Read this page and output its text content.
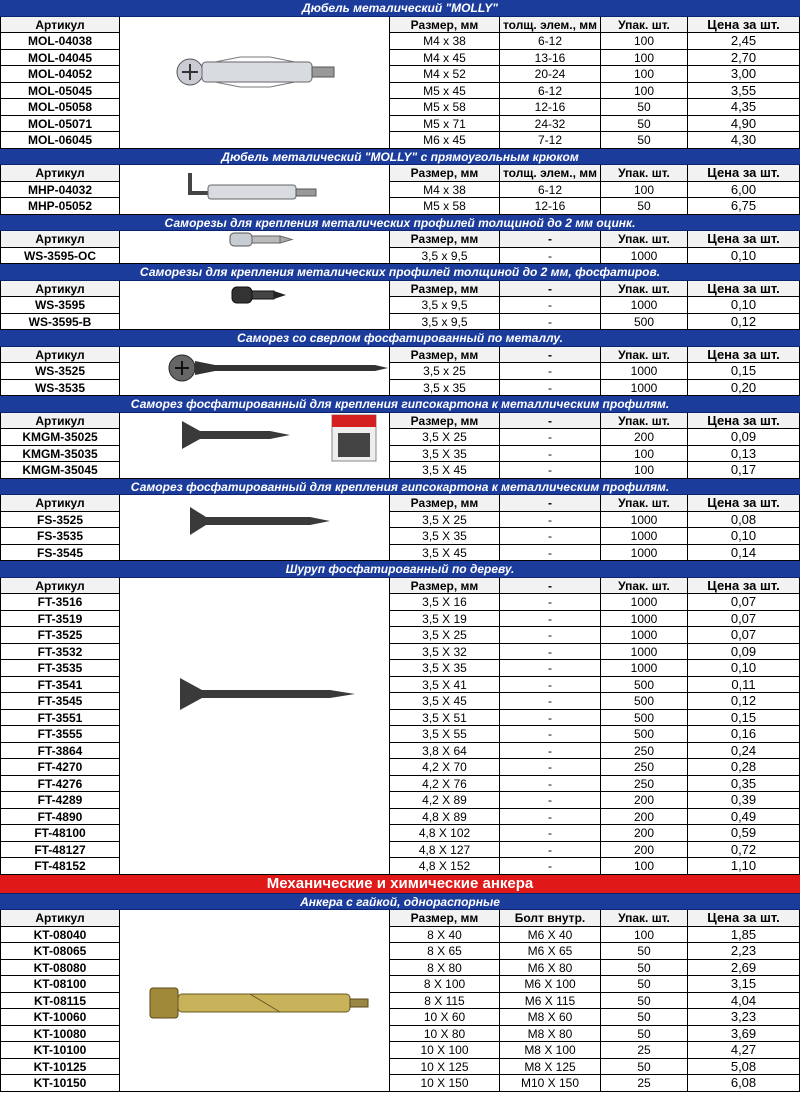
Дюбель металический "MOLLY"
Артикул	Размер, мм	толщ. элем., мм	Упак. шт.	Цена за шт.
MOL-04038	M4 x 38	6-12	100	2,45
MOL-04045	M4 x 45	13-16	100	2,70
MOL-04052	M4 x 52	20-24	100	3,00
MOL-05045	M5 x 45	6-12	100	3,55
MOL-05058	M5 x 58	12-16	50	4,35
MOL-05071	M5 x 71	24-32	50	4,90
MOL-06045	M6 x 45	7-12	50	4,30
Дюбель металический "MOLLY" с прямоугольным крюком
Артикул	Размер, мм	толщ. элем., мм	Упак. шт.	Цена за шт.
MHP-04032	M4 x 38	6-12	100	6,00
MHP-05052	M5 x 58	12-16	50	6,75
Саморезы для крепления металических профилей толщиной до 2 мм оцинк.
Артикул	Размер, мм	-	Упак. шт.	Цена за шт.
WS-3595-OC	3,5 x 9,5	-	1000	0,10
Саморезы для крепления металических профилей толщиной до 2 мм, фосфатиров.
Артикул	Размер, мм	-	Упак. шт.	Цена за шт.
WS-3595	3,5 x 9,5	-	1000	0,10
WS-3595-B	3,5 x 9,5	-	500	0,12
Саморез со сверлом фосфатированный по металлу.
Артикул	Размер, мм	-	Упак. шт.	Цена за шт.
WS-3525	3,5 x 25	-	1000	0,15
WS-3535	3,5 x 35	-	1000	0,20
Саморез фосфатированный для крепления гипсокартона к металлическим профилям.
Артикул	Размер, мм	-	Упак. шт.	Цена за шт.
KMGM-35025	3,5 X 25	-	200	0,09
KMGM-35035	3,5 X 35	-	100	0,13
KMGM-35045	3,5 X 45	-	100	0,17
Саморез фосфатированный для крепления гипсокартона к металлическим профилям.
Артикул	Размер, мм	-	Упак. шт.	Цена за шт.
FS-3525	3,5 X 25	-	1000	0,08
FS-3535	3,5 X 35	-	1000	0,10
FS-3545	3,5 X 45	-	1000	0,14
Шуруп фосфатированный по дереву.
Артикул	Размер, мм	-	Упак. шт.	Цена за шт.
FT-3516	3,5 X 16	-	1000	0,07
FT-3519	3,5 X 19	-	1000	0,07
FT-3525	3,5 X 25	-	1000	0,07
FT-3532	3,5 X 32	-	1000	0,09
FT-3535	3,5 X 35	-	1000	0,10
FT-3541	3,5 X 41	-	500	0,11
FT-3545	3,5 X 45	-	500	0,12
FT-3551	3,5 X 51	-	500	0,15
FT-3555	3,5 X 55	-	500	0,16
FT-3864	3,8 X 64	-	250	0,24
FT-4270	4,2 X 70	-	250	0,28
FT-4276	4,2 X 76	-	250	0,35
FT-4289	4,2 X 89	-	200	0,39
FT-4890	4,8 X 89	-	200	0,49
FT-48100	4,8 X 102	-	200	0,59
FT-48127	4,8 X 127	-	200	0,72
FT-48152	4,8 X 152	-	100	1,10
Механические и химические анкера
Анкера с гайкой, однораспорные
Артикул	Размер, мм	Болт внутр.	Упак. шт.	Цена за шт.
KT-08040	8 X 40	M6 X 40	100	1,85
KT-08065	8 X 65	M6 X 65	50	2,23
KT-08080	8 X 80	M6 X 80	50	2,69
KT-08100	8 X 100	M6 X 100	50	3,15
KT-08115	8 X 115	M6 X 115	50	4,04
KT-10060	10 X 60	M8 X 60	50	3,23
KT-10080	10 X 80	M8 X 80	50	3,69
KT-10100	10 X 100	M8 X 100	25	4,27
KT-10125	10 X 125	M8 X 125	50	5,08
KT-10150	10 X 150	M10 X 150	25	6,08
